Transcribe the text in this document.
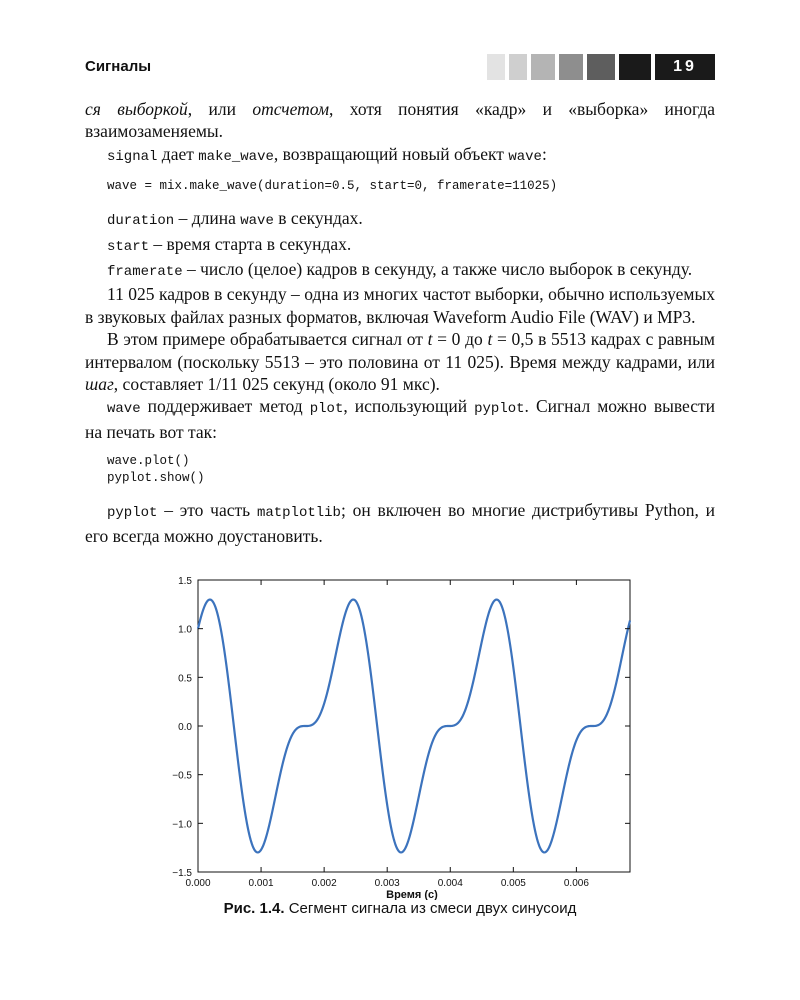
Сигналы	19

ся выборкой, или отсчетом, хотя понятия «кадр» и «выборка» иногда взаимозаменяемы.

signal дает make_wave, возвращающий новый объект wave:

wave = mix.make_wave(duration=0.5, start=0, framerate=11025)

duration – длина wave в секундах.

start – время старта в секундах.

framerate – число (целое) кадров в секунду, а также число выборок в секунду.

11 025 кадров в секунду – одна из многих частот выборки, обычно используемых в звуковых файлах разных форматов, включая Waveform Audio File (WAV) и MP3.

В этом примере обрабатывается сигнал от t = 0 до t = 0,5 в 5513 кадрах с равным интервалом (поскольку 5513 – это половина от 11 025). Время между кадрами, или шаг, составляет 1/11 025 секунд (около 91 мкс).

wave поддерживает метод plot, использующий pyplot. Сигнал можно вывести на печать вот так:

wave.plot()
pyplot.show()

pyplot – это часть matplotlib; он включен во многие дистрибутивы Python, и его всегда можно доустановить.

0.000	0.001	0.002	0.003	0.004	0.005	0.006
1.5
1.0
0.5
0.0
−0.5
−1.0
−1.5
Время (с)
Рис. 1.4. Сегмент сигнала из смеси двух синусоид
